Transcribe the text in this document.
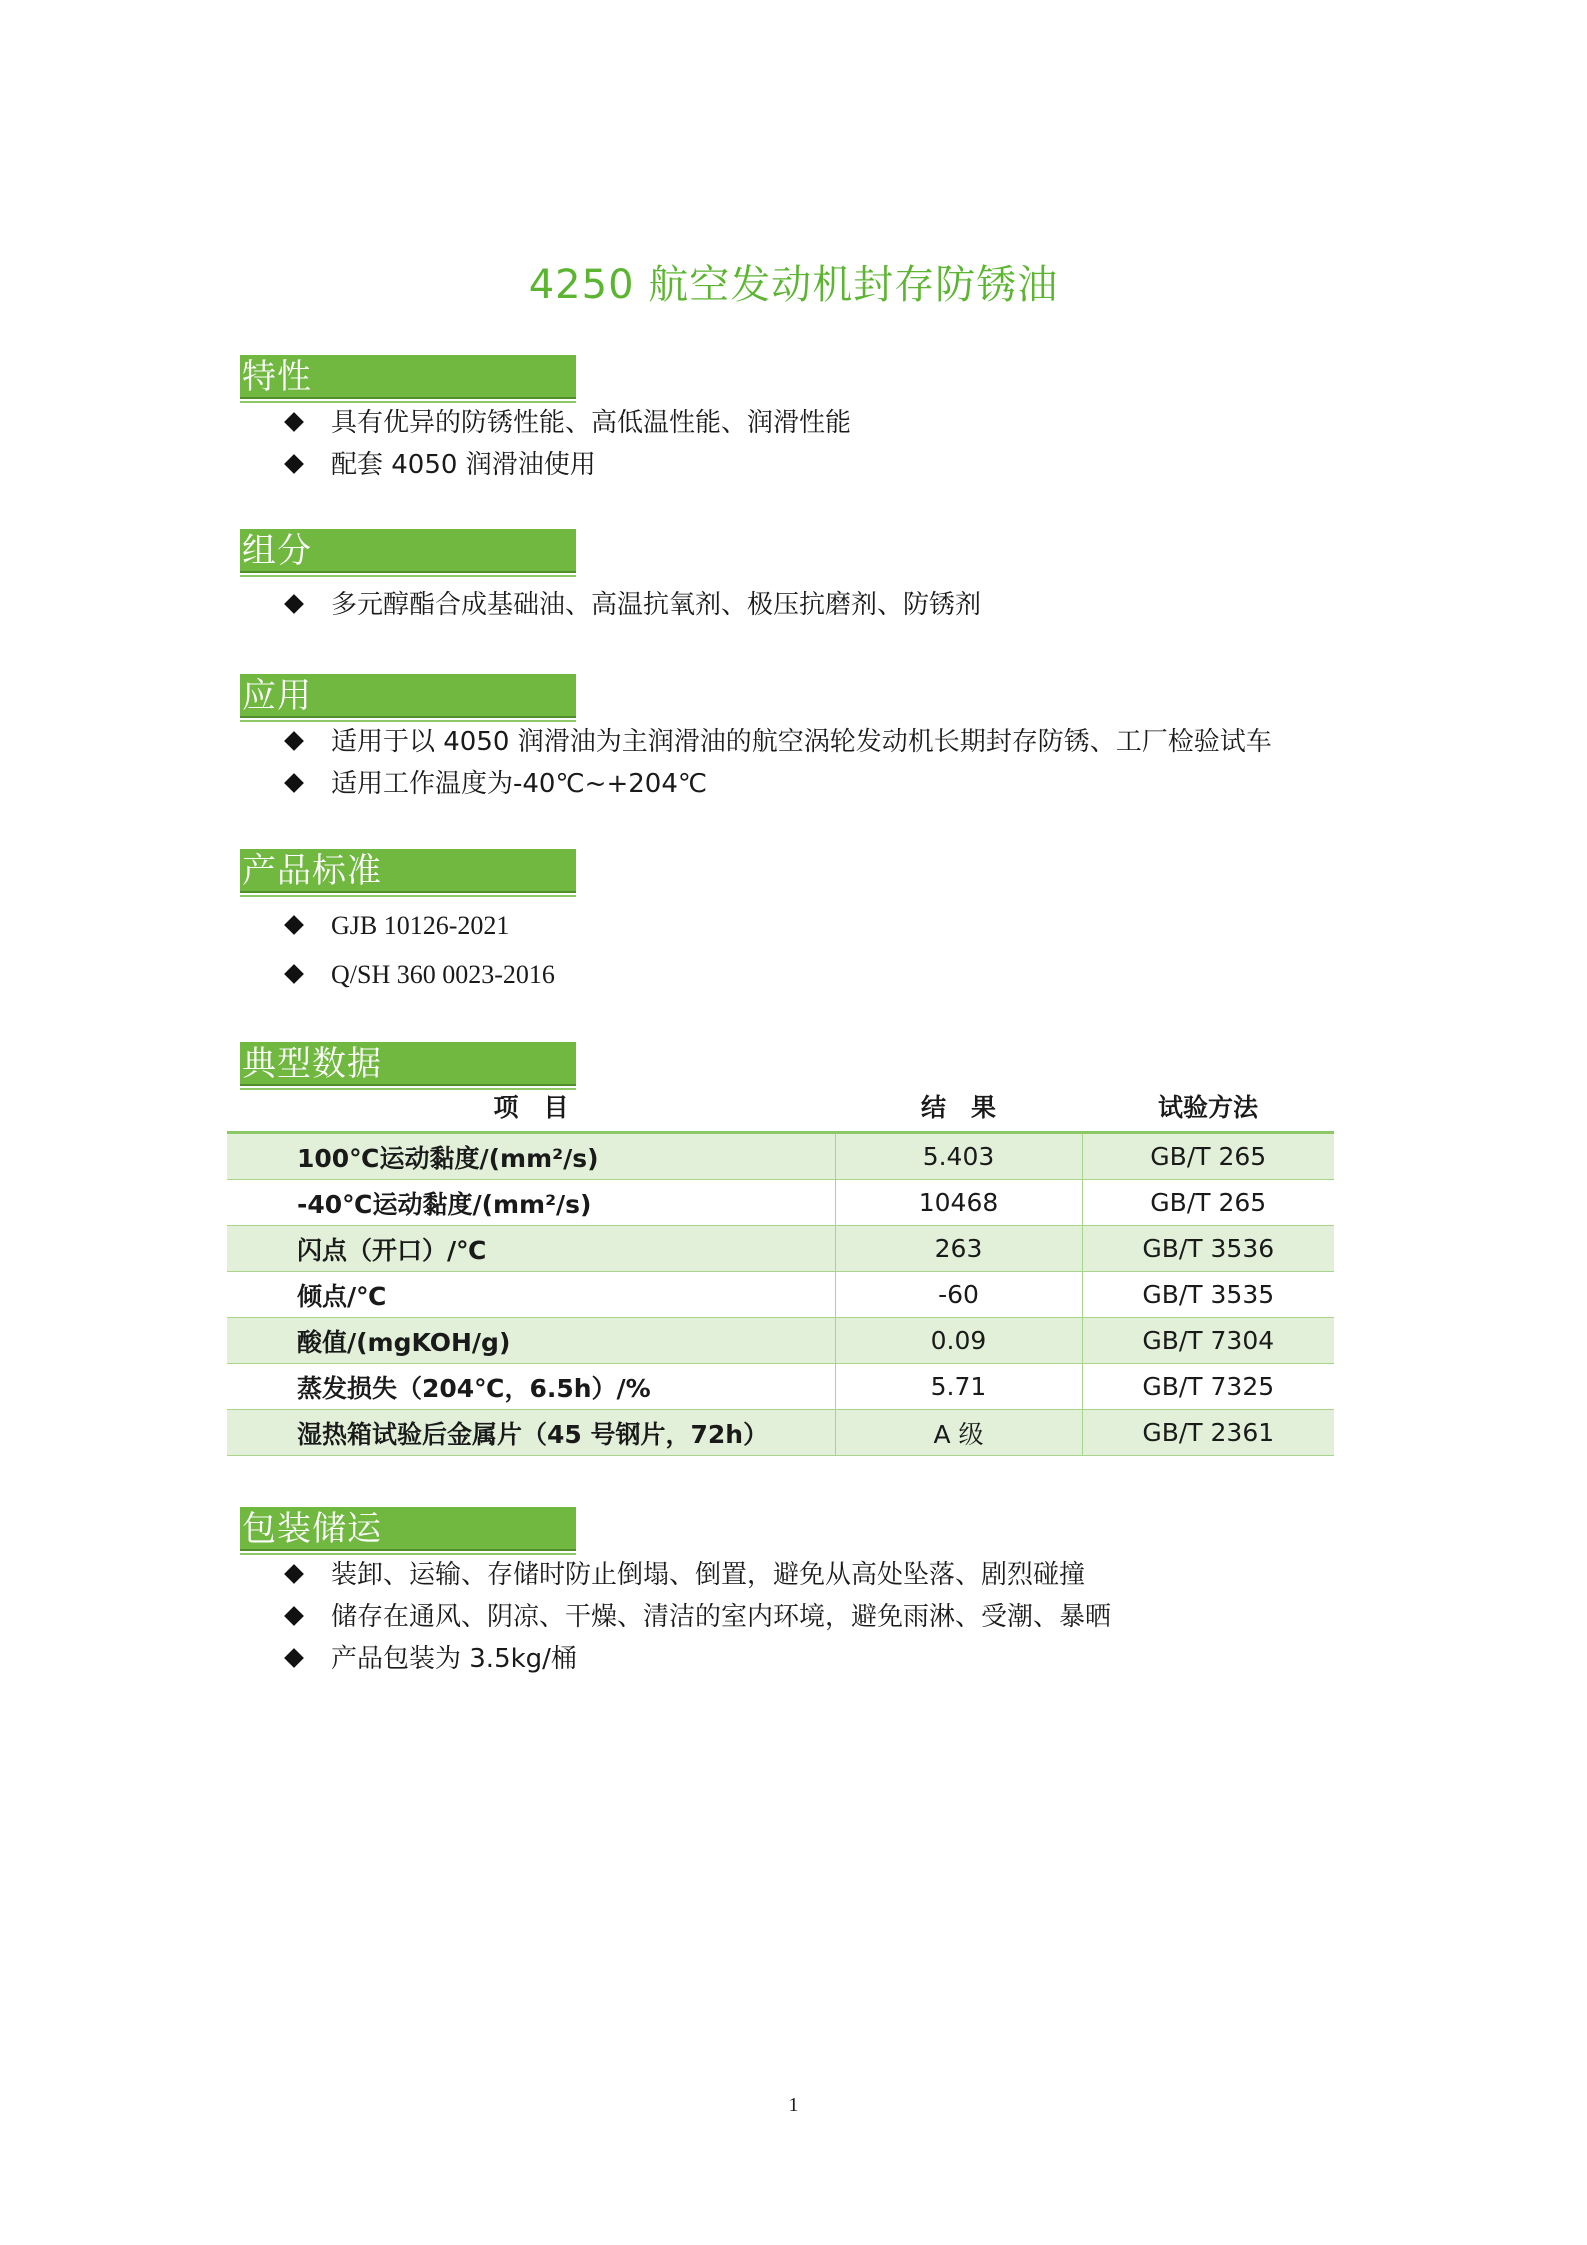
4250 航空发动机封存防锈油
特性
具有优异的防锈性能、高低温性能、润滑性能
配套 4050 润滑油使用
组分
多元醇酯合成基础油、高温抗氧剂、极压抗磨剂、防锈剂
应用
适用于以 4050 润滑油为主润滑油的航空涡轮发动机长期封存防锈、工厂检验试车
适用工作温度为-40℃~+204℃
产品标准
GJB 10126-2021
Q/SH 360 0023-2016
典型数据
项　目	结　果	试验方法
100℃运动黏度/(mm²/s)	5.403	GB/T 265
-40℃运动黏度/(mm²/s)	10468	GB/T 265
闪点（开口）/℃	263	GB/T 3536
倾点/℃	-60	GB/T 3535
酸值/(mgKOH/g)	0.09	GB/T 7304
蒸发损失（204℃，6.5h）/%	5.71	GB/T 7325
湿热箱试验后金属片（45 号钢片，72h）	A 级	GB/T 2361
包装储运
装卸、运输、存储时防止倒塌、倒置，避免从高处坠落、剧烈碰撞
储存在通风、阴凉、干燥、清洁的室内环境，避免雨淋、受潮、暴晒
产品包装为 3.5kg/桶
1
